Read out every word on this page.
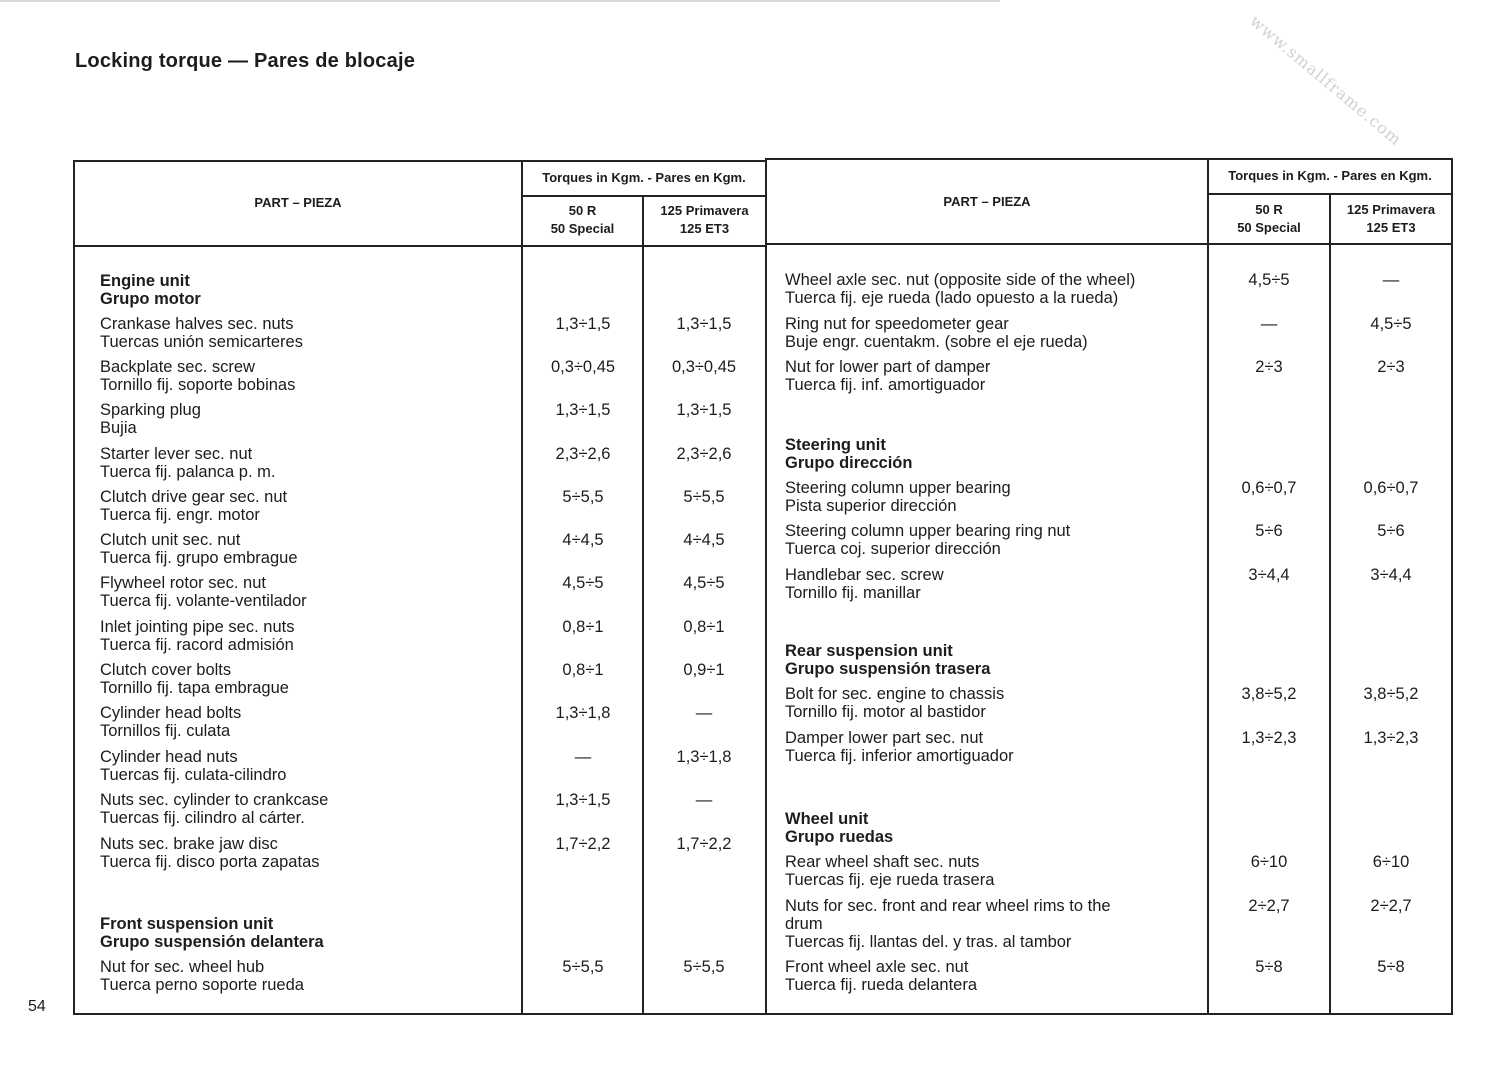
Locking torque — Pares de blocaje	www.smallframe.com
54
PART – PIEZA
Torques in Kgm. - Pares en Kgm.
50 R
50 Special
125 Primavera
125 ET3
Engine unit
Grupo motor
Front suspension unit
Grupo suspensión delantera
Crankase halves sec. nuts
Tuercas unión semicarteres
1,3÷1,5	1,3÷1,5
Backplate sec. screw
Tornillo fij. soporte bobinas
0,3÷0,45	0,3÷0,45
Sparking plug
Bujia
1,3÷1,5	1,3÷1,5
Starter lever sec. nut
Tuerca fij. palanca p. m.
2,3÷2,6	2,3÷2,6
Clutch drive gear sec. nut
Tuerca fij. engr. motor
5÷5,5	5÷5,5
Clutch unit sec. nut
Tuerca fij. grupo embrague
4÷4,5	4÷4,5
Flywheel rotor sec. nut
Tuerca fij. volante-ventilador
4,5÷5	4,5÷5
Inlet jointing pipe sec. nuts
Tuerca fij. racord admisión
0,8÷1	0,8÷1
Clutch cover bolts
Tornillo fij. tapa embrague
0,8÷1	0,9÷1
Cylinder head bolts
Tornillos fij. culata
1,3÷1,8	—
Cylinder head nuts
Tuercas fij. culata-cilindro
—	1,3÷1,8
Nuts sec. cylinder to crankcase
Tuercas fij. cilindro al cárter.
1,3÷1,5	—
Nuts sec. brake jaw disc
Tuerca fij. disco porta zapatas
1,7÷2,2	1,7÷2,2
Nut for sec. wheel hub
Tuerca perno soporte rueda
5÷5,5	5÷5,5
PART – PIEZA
Torques in Kgm. - Pares en Kgm.
50 R
50 Special
125 Primavera
125 ET3
Steering unit
Grupo dirección
Rear suspension unit
Grupo suspensión trasera
Wheel unit
Grupo ruedas
Wheel axle sec. nut (opposite side of the wheel)
Tuerca fij. eje rueda (lado opuesto a la rueda)
4,5÷5	—
Ring nut for speedometer gear
Buje engr. cuentakm. (sobre el eje rueda)
—	4,5÷5
Nut for lower part of damper
Tuerca fij. inf. amortiguador
2÷3	2÷3
Steering column upper bearing
Pista superior dirección
0,6÷0,7	0,6÷0,7
Steering column upper bearing ring nut
Tuerca coj. superior dirección
5÷6	5÷6
Handlebar sec. screw
Tornillo fij. manillar
3÷4,4	3÷4,4
Bolt for sec. engine to chassis
Tornillo fij. motor al bastidor
3,8÷5,2	3,8÷5,2
Damper lower part sec. nut
Tuerca fij. inferior amortiguador
1,3÷2,3	1,3÷2,3
Rear wheel shaft sec. nuts
Tuercas fij. eje rueda trasera
6÷10	6÷10
Nuts for sec. front and rear wheel rims to the
drum
Tuercas fij. llantas del. y tras. al tambor
2÷2,7	2÷2,7
Front wheel axle sec. nut
Tuerca fij. rueda delantera
5÷8	5÷8
